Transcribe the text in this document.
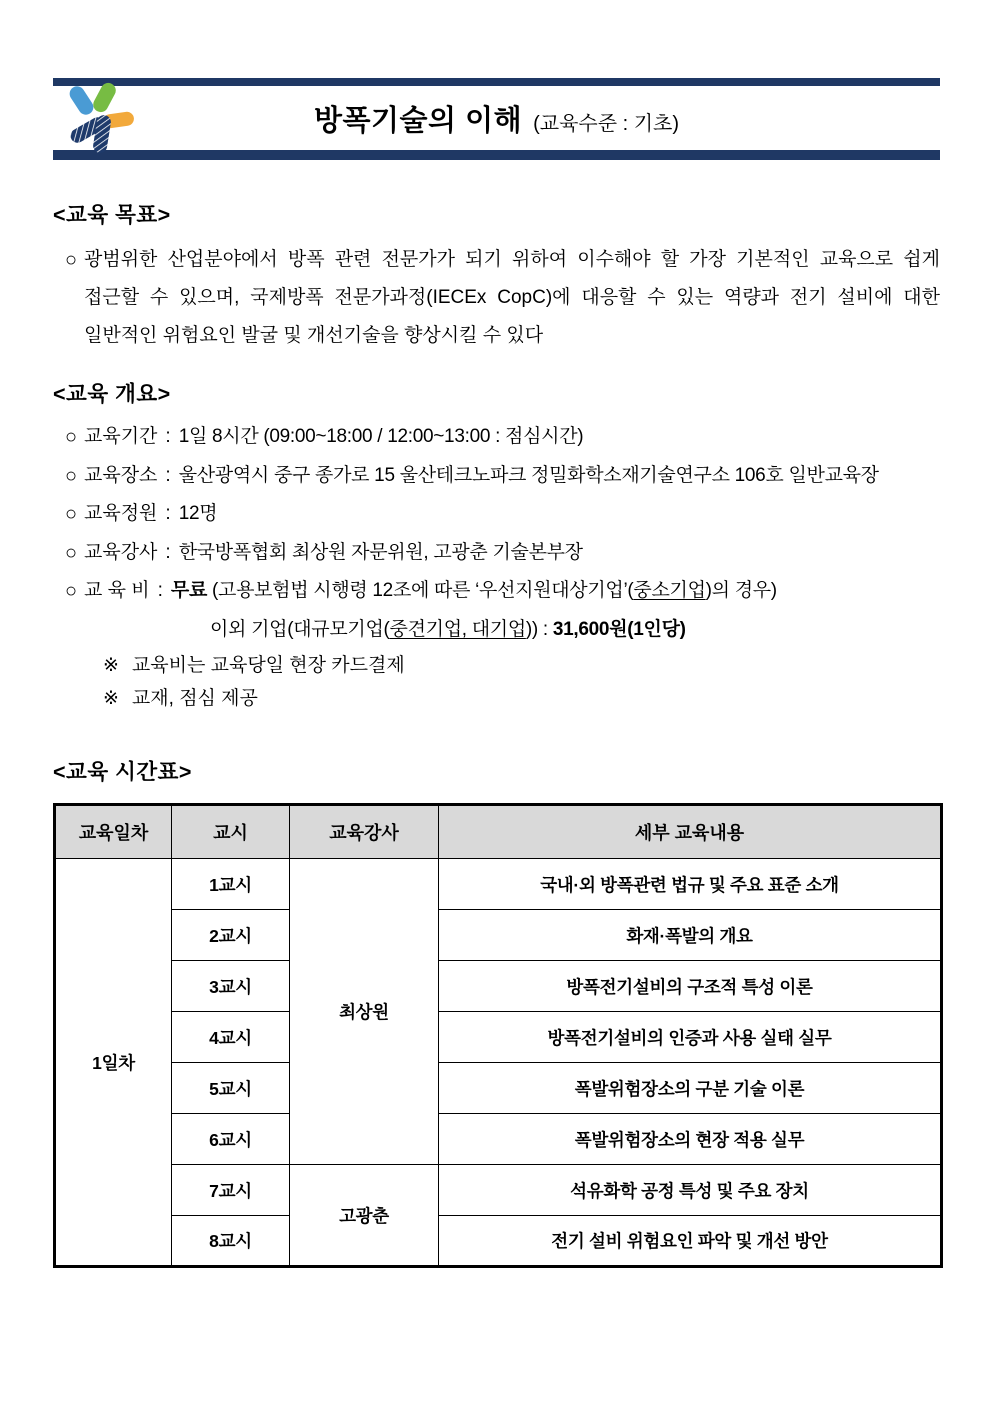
방폭기술의 이해 (교육수준 : 기초)
<교육 목표>
○ 광범위한 산업분야에서 방폭 관련 전문가가 되기 위하여 이수해야 할 가장 기본적인 교육으로 쉽게 접근할 수 있으며, 국제방폭 전문가과정(IECEx CopC)에 대응할 수 있는 역량과 전기 설비에 대한 일반적인 위험요인 발굴 및 개선기술을 향상시킬 수 있다
<교육 개요>
○ 교육기간 : 1일 8시간 (09:00~18:00 / 12:00~13:00 : 점심시간)
○ 교육장소 : 울산광역시 중구 종가로 15 울산테크노파크 정밀화학소재기술연구소 106호 일반교육장
○ 교육정원 : 12명
○ 교육강사 : 한국방폭협회 최상원 자문위원, 고광춘 기술본부장
○ 교 육 비 : 무료 (고용보험법 시행령 12조에 따른 ‘우선지원대상기업’(중소기업)의 경우)
이외 기업(대규모기업(중견기업, 대기업)) : 31,600원(1인당)
※ 교육비는 교육당일 현장 카드결제
※ 교재, 점심 제공
<교육 시간표>
교육일차	교시	교육강사	세부 교육내용
1일차	1교시	최상원	국내·외 방폭관련 법규 및 주요 표준 소개
	2교시		화재·폭발의 개요
	3교시		방폭전기설비의 구조적 특성 이론
	4교시		방폭전기설비의 인증과 사용 실태 실무
	5교시		폭발위험장소의 구분 기술 이론
	6교시		폭발위험장소의 현장 적용 실무
	7교시	고광춘	석유화학 공정 특성 및 주요 장치
	8교시		전기 설비 위험요인 파악 및 개선 방안
